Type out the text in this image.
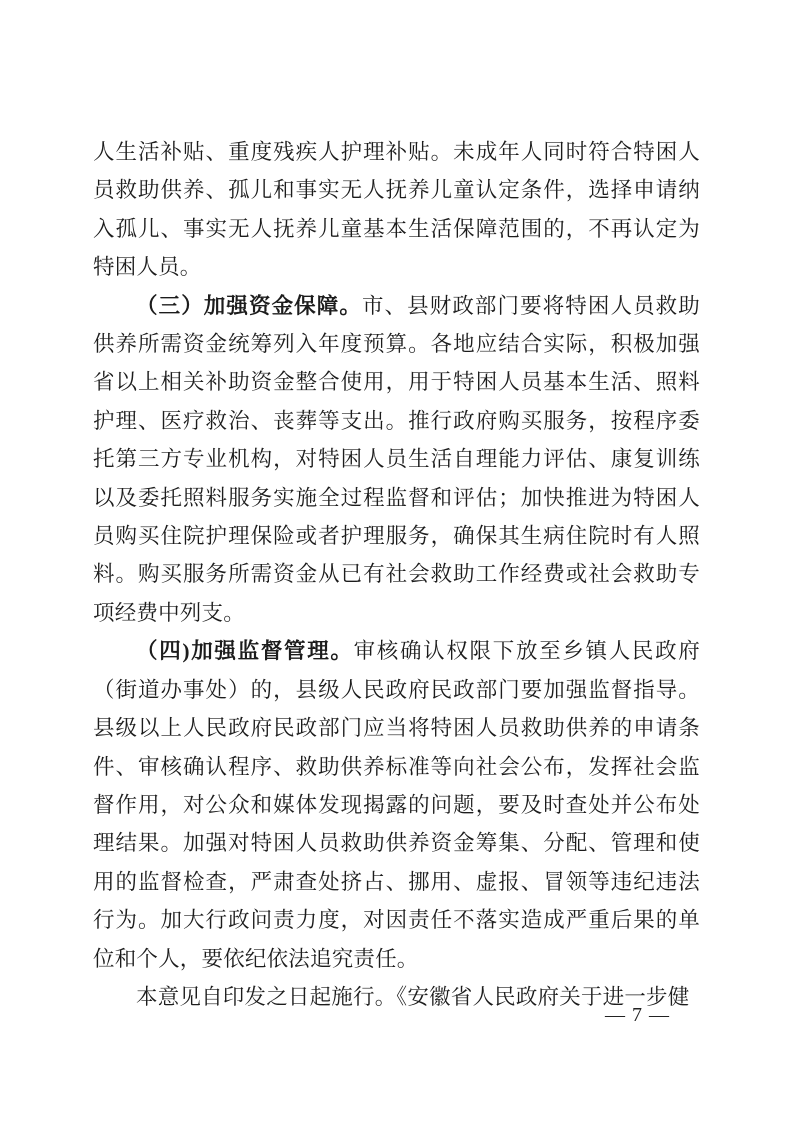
人生活补贴、重度残疾人护理补贴。未成年人同时符合特困人员救助供养、孤儿和事实无人抚养儿童认定条件，选择申请纳入孤儿、事实无人抚养儿童基本生活保障范围的，不再认定为特困人员。

（三）加强资金保障。市、县财政部门要将特困人员救助供养所需资金统筹列入年度预算。各地应结合实际，积极加强省以上相关补助资金整合使用，用于特困人员基本生活、照料护理、医疗救治、丧葬等支出。推行政府购买服务，按程序委托第三方专业机构，对特困人员生活自理能力评估、康复训练以及委托照料服务实施全过程监督和评估；加快推进为特困人员购买住院护理保险或者护理服务，确保其生病住院时有人照料。购买服务所需资金从已有社会救助工作经费或社会救助专项经费中列支。

（四)加强监督管理。审核确认权限下放至乡镇人民政府（街道办事处）的，县级人民政府民政部门要加强监督指导。县级以上人民政府民政部门应当将特困人员救助供养的申请条件、审核确认程序、救助供养标准等向社会公布，发挥社会监督作用，对公众和媒体发现揭露的问题，要及时查处并公布处理结果。加强对特困人员救助供养资金筹集、分配、管理和使用的监督检查，严肃查处挤占、挪用、虚报、冒领等违纪违法行为。加大行政问责力度，对因责任不落实造成严重后果的单位和个人，要依纪依法追究责任。

本意见自印发之日起施行。《安徽省人民政府关于进一步健

— 7 —
